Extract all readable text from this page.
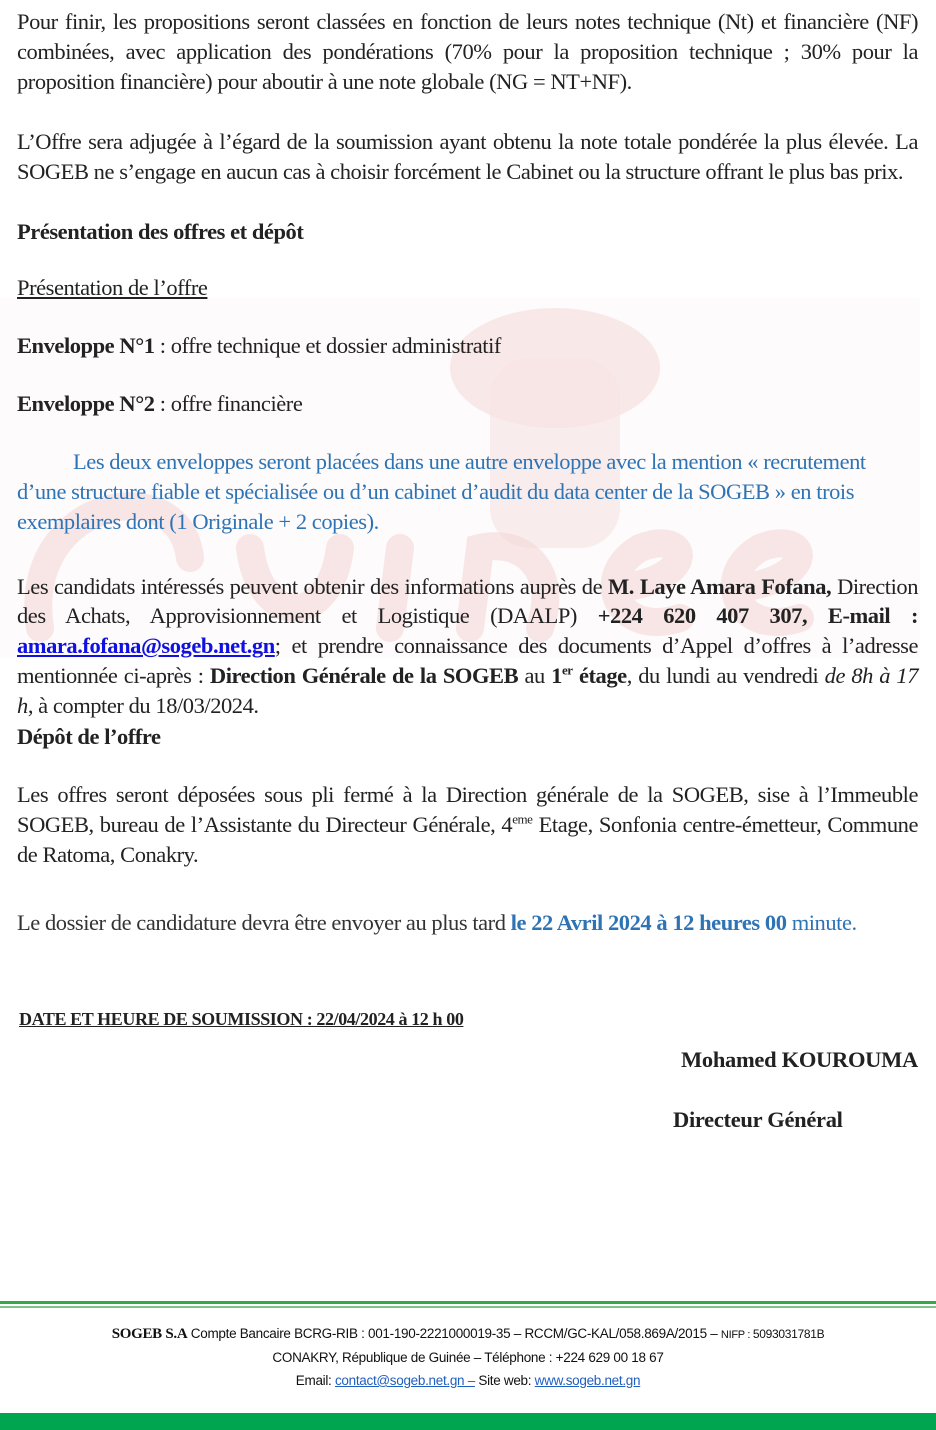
Pour finir, les propositions seront classées en fonction de leurs notes technique (Nt) et financière (NF) combinées, avec application des pondérations (70% pour la proposition technique ; 30% pour la proposition financière) pour aboutir à une note globale (NG = NT+NF).

L’Offre sera adjugée à l’égard de la soumission ayant obtenu la note totale pondérée la plus élevée. La SOGEB ne s’engage en aucun cas à choisir forcément le Cabinet ou la structure offrant le plus bas prix.

Présentation des offres et dépôt

Présentation de l’offre

Enveloppe N°1 : offre technique et dossier administratif

Enveloppe N°2 : offre financière

Les deux enveloppes seront placées dans une autre enveloppe avec la mention « recrutement d’une structure fiable et spécialisée ou d’un cabinet d’audit du data center de la SOGEB » en trois exemplaires dont (1 Originale + 2 copies).

Les candidats intéressés peuvent obtenir des informations auprès de M. Laye Amara Fofana, Direction des Achats, Approvisionnement et Logistique (DAALP) +224 620 407 307, E-mail : amara.fofana@sogeb.net.gn; et prendre connaissance des documents d’Appel d’offres à l’adresse mentionnée ci-après : Direction Générale de la SOGEB au 1er étage, du lundi au vendredi de 8h à 17 h, à compter du 18/03/2024.

Dépôt de l’offre

Les offres seront déposées sous pli fermé à la Direction générale de la SOGEB, sise à l’Immeuble SOGEB, bureau de l’Assistante du Directeur Générale, 4eme Etage, Sonfonia centre-émetteur, Commune de Ratoma, Conakry.

Le dossier de candidature devra être envoyer au plus tard le 22 Avril 2024 à 12 heures 00 minute.

DATE ET HEURE DE SOUMISSION : 22/04/2024 à 12 h 00
Mohamed KOUROUMA
Directeur Général
SOGEB S.A Compte Bancaire BCRG-RIB : 001-190-2221000019-35 – RCCM/GC-KAL/058.869A/2015 – NIFP : 5093031781B
CONAKRY, République de Guinée – Téléphone : +224 629 00 18 67
Email: contact@sogeb.net.gn – Site web: www.sogeb.net.gn
